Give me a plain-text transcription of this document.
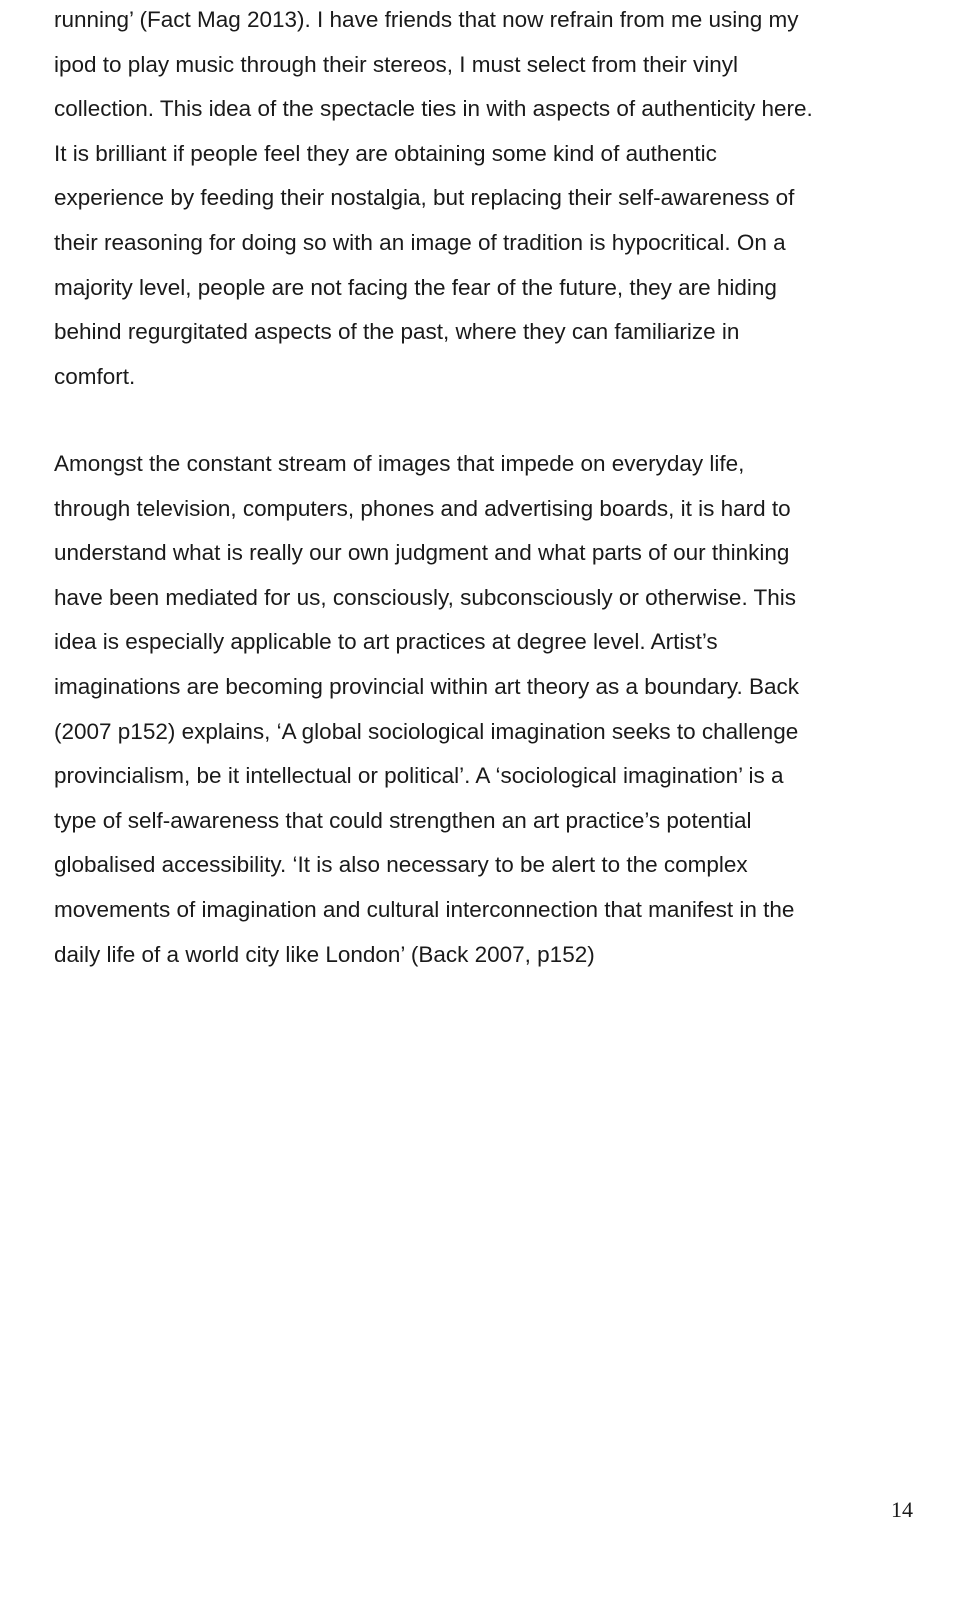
running’ (Fact Mag 2013). I have friends that now refrain from me using my
ipod to play music through their stereos, I must select from their vinyl
collection. This idea of the spectacle ties in with aspects of authenticity here.
It is brilliant if people feel they are obtaining some kind of authentic
experience by feeding their nostalgia, but replacing their self-awareness of
their reasoning for doing so with an image of tradition is hypocritical. On a
majority level, people are not facing the fear of the future, they are hiding
behind regurgitated aspects of the past, where they can familiarize in
comfort.

Amongst the constant stream of images that impede on everyday life,
through television, computers, phones and advertising boards, it is hard to
understand what is really our own judgment and what parts of our thinking
have been mediated for us, consciously, subconsciously or otherwise. This
idea is especially applicable to art practices at degree level. Artist’s
imaginations are becoming provincial within art theory as a boundary. Back
(2007 p152) explains, ‘A global sociological imagination seeks to challenge
provincialism, be it intellectual or political’. A ‘sociological imagination’ is a
type of self-awareness that could strengthen an art practice’s potential
globalised accessibility. ‘It is also necessary to be alert to the complex
movements of imagination and cultural interconnection that manifest in the
daily life of a world city like London’ (Back 2007, p152)

14
